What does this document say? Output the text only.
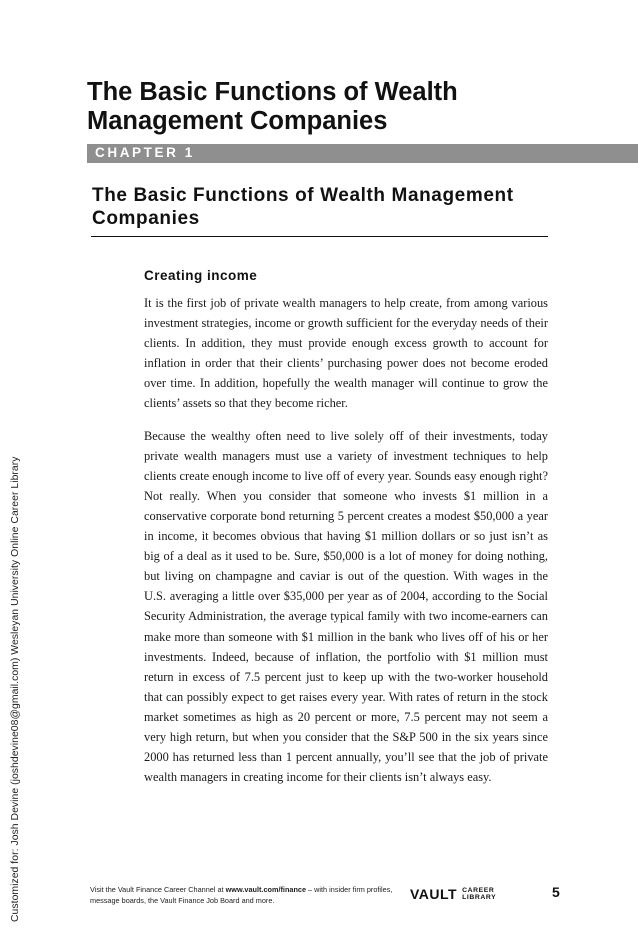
Customized for: Josh Devine (joshdevine08@gmail.com) Wesleyan University Online Career Library
The Basic Functions of Wealth Management Companies
CHAPTER 1
The Basic Functions of Wealth Management Companies
Creating income

It is the first job of private wealth managers to help create, from among various investment strategies, income or growth sufficient for the everyday needs of their clients. In addition, they must provide enough excess growth to account for inflation in order that their clients’ purchasing power does not become eroded over time. In addition, hopefully the wealth manager will continue to grow the clients’ assets so that they become richer.

Because the wealthy often need to live solely off of their investments, today private wealth managers must use a variety of investment techniques to help clients create enough income to live off of every year. Sounds easy enough right? Not really. When you consider that someone who invests $1 million in a conservative corporate bond returning 5 percent creates a modest $50,000 a year in income, it becomes obvious that having $1 million dollars or so just isn’t as big of a deal as it used to be. Sure, $50,000 is a lot of money for doing nothing, but living on champagne and caviar is out of the question. With wages in the U.S. averaging a little over $35,000 per year as of 2004, according to the Social Security Administration, the average typical family with two income-earners can make more than someone with $1 million in the bank who lives off of his or her investments. Indeed, because of inflation, the portfolio with $1 million must return in excess of 7.5 percent just to keep up with the two-worker household that can possibly expect to get raises every year. With rates of return in the stock market sometimes as high as 20 percent or more, 7.5 percent may not seem a very high return, but when you consider that the S&P 500 in the six years since 2000 has returned less than 1 percent annually, you’ll see that the job of private wealth managers in creating income for their clients isn’t always easy.

Visit the Vault Finance Career Channel at www.vault.com/finance – with insider firm profiles, message boards, the Vault Finance Job Board and more.	VAULT CAREER
LIBRARY	5
